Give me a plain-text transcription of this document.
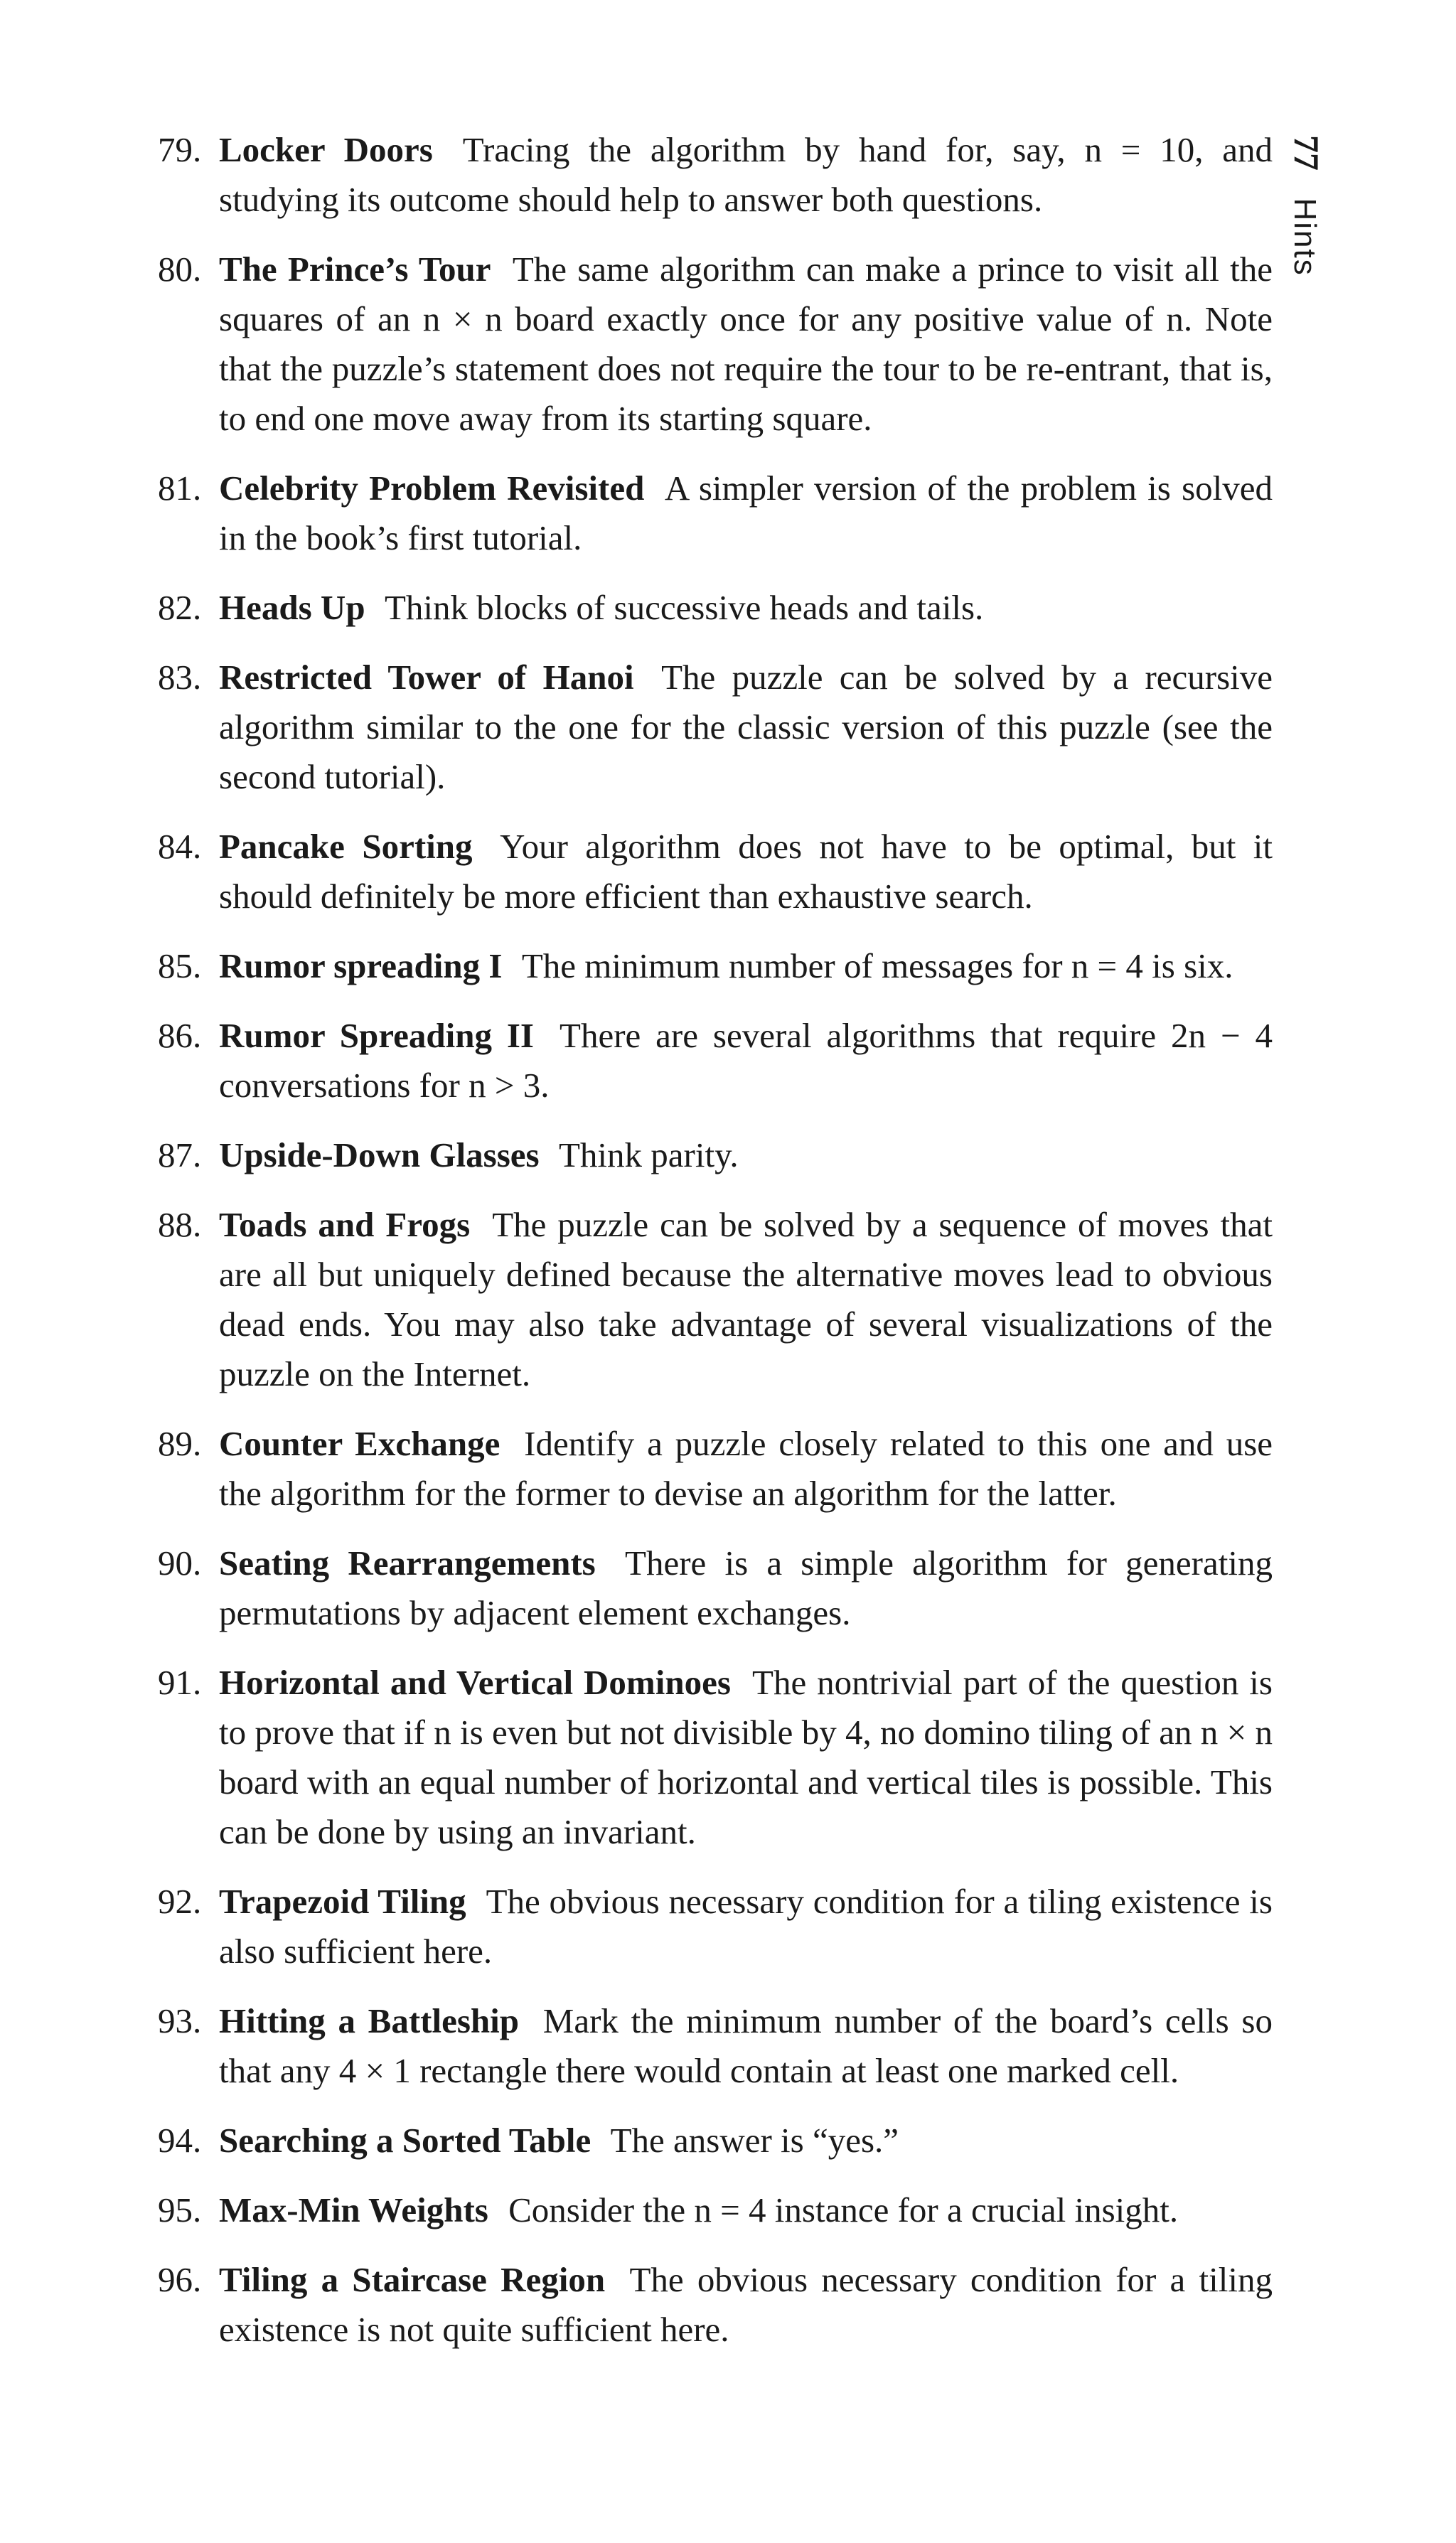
77 Hints
79. Locker Doors Tracing the algorithm by hand for, say, n = 10, and studying its outcome should help to answer both questions.
80. The Prince’s Tour The same algorithm can make a prince to visit all the squares of an n × n board exactly once for any positive value of n. Note that the puzzle’s statement does not require the tour to be re-entrant, that is, to end one move away from its starting square.
81. Celebrity Problem Revisited A simpler version of the problem is solved in the book’s first tutorial.
82. Heads Up Think blocks of successive heads and tails.
83. Restricted Tower of Hanoi The puzzle can be solved by a recursive algorithm similar to the one for the classic version of this puzzle (see the second tutorial).
84. Pancake Sorting Your algorithm does not have to be optimal, but it should definitely be more efficient than exhaustive search.
85. Rumor spreading I The minimum number of messages for n = 4 is six.
86. Rumor Spreading II There are several algorithms that require 2n − 4 conversations for n > 3.
87. Upside-Down Glasses Think parity.
88. Toads and Frogs The puzzle can be solved by a sequence of moves that are all but uniquely defined because the alternative moves lead to obvious dead ends. You may also take advantage of several visualizations of the puzzle on the Internet.
89. Counter Exchange Identify a puzzle closely related to this one and use the algorithm for the former to devise an algorithm for the latter.
90. Seating Rearrangements There is a simple algorithm for generating permutations by adjacent element exchanges.
91. Horizontal and Vertical Dominoes The nontrivial part of the question is to prove that if n is even but not divisible by 4, no domino tiling of an n × n board with an equal number of horizontal and vertical tiles is possible. This can be done by using an invariant.
92. Trapezoid Tiling The obvious necessary condition for a tiling existence is also sufficient here.
93. Hitting a Battleship Mark the minimum number of the board’s cells so that any 4 × 1 rectangle there would contain at least one marked cell.
94. Searching a Sorted Table The answer is “yes.”
95. Max-Min Weights Consider the n = 4 instance for a crucial insight.
96. Tiling a Staircase Region The obvious necessary condition for a tiling existence is not quite sufficient here.
